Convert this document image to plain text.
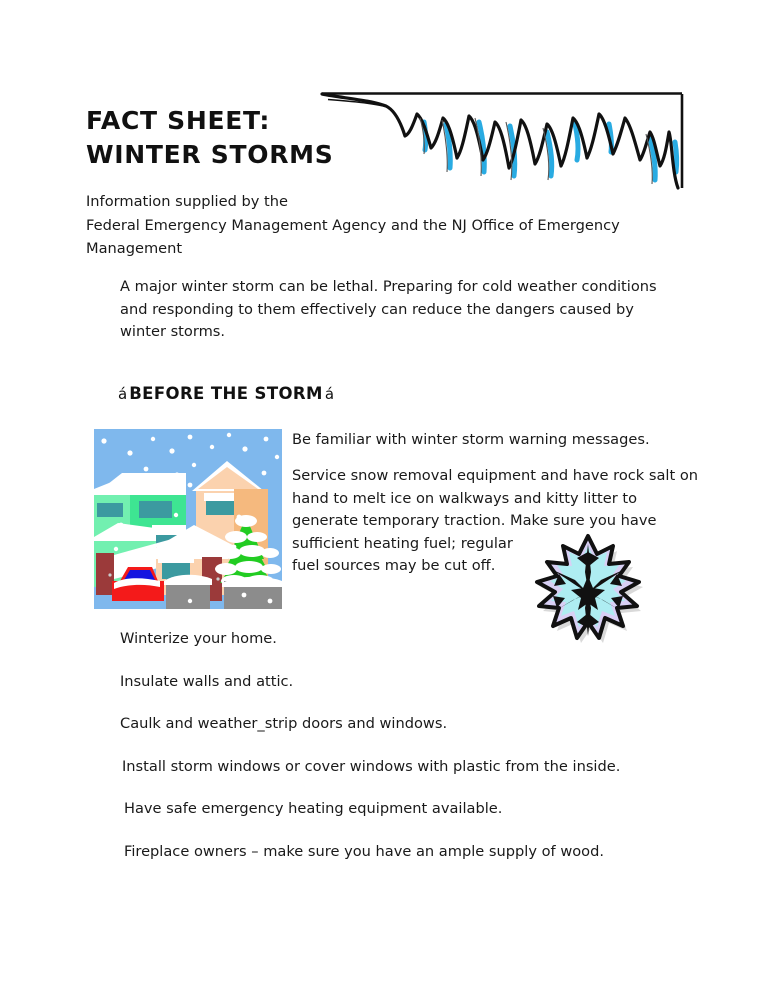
FACT SHEET:
WINTER STORMS
Information supplied by the
Federal Emergency Management Agency and the NJ Office of Emergency
Management
A major winter storm can be lethal. Preparing for cold weather conditions and responding to them effectively can reduce the dangers caused by winter storms.
á BEFORE THE STORM á
Be familiar with winter storm warning messages.
Service snow removal equipment and have rock salt on
hand to melt ice on walkways and kitty litter to
generate temporary traction. Make sure you have
sufficient heating fuel; regular
fuel sources may be cut off.
Winterize your home.
Insulate walls and attic.
Caulk and weather_strip doors and windows.
Install storm windows or cover windows with plastic from the inside.
Have safe emergency heating equipment available.
Fireplace owners – make sure you have an ample supply of wood.
